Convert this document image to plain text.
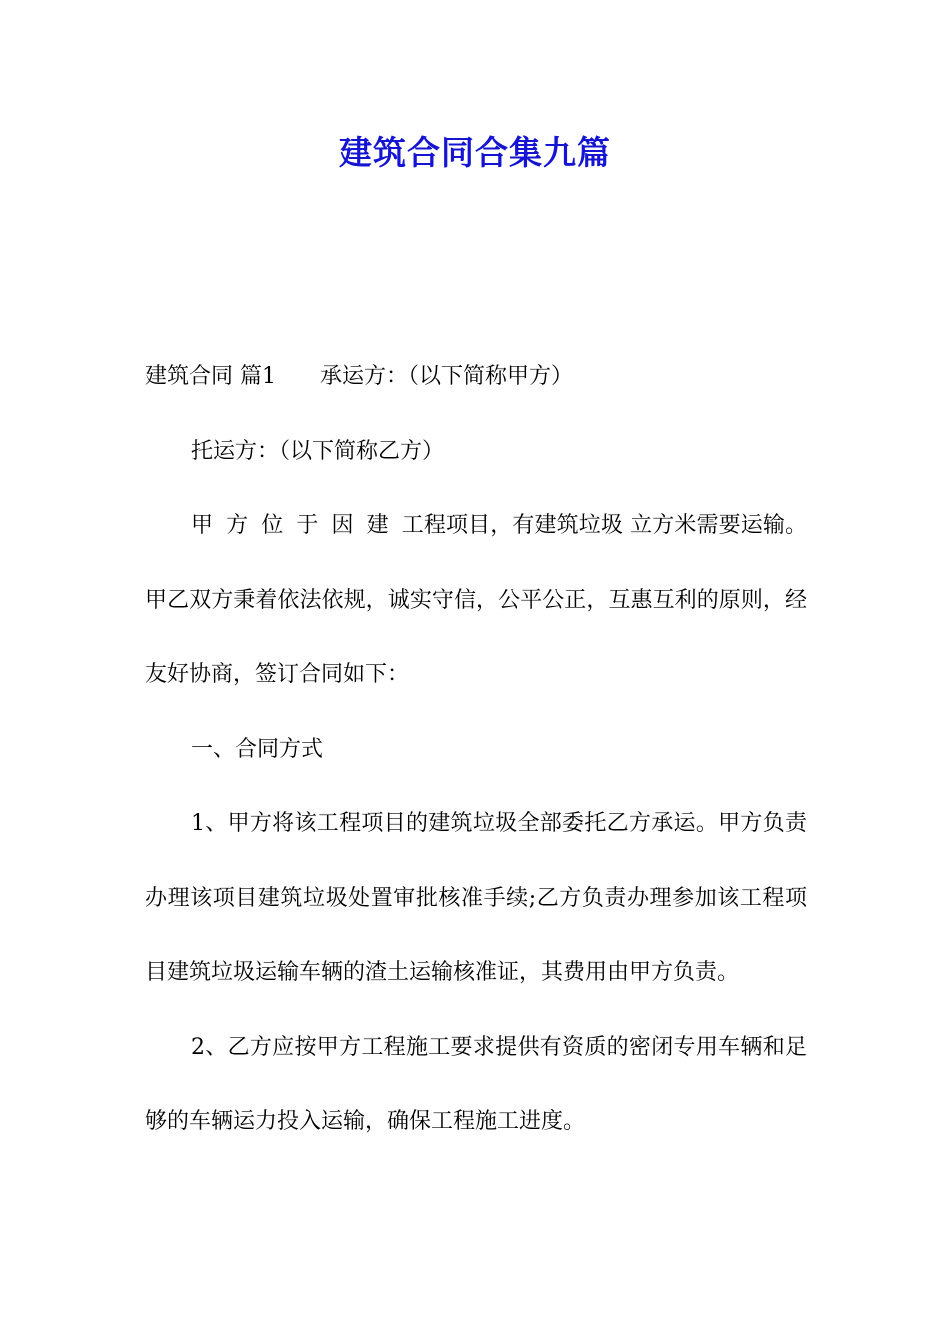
建筑合同合集九篇

建筑合同 篇1 承运方：（以下简称甲方）

托运方：（以下简称乙方）

甲方位于因建工程项目，有建筑垃圾 立方米需要运输。甲乙双方秉着依法依规，诚实守信，公平公正，互惠互利的原则，经友好协商，签订合同如下：

一、合同方式

1、甲方将该工程项目的建筑垃圾全部委托乙方承运。甲方负责办理该项目建筑垃圾处置审批核准手续;乙方负责办理参加该工程项目建筑垃圾运输车辆的渣土运输核准证，其费用由甲方负责。

2、乙方应按甲方工程施工要求提供有资质的密闭专用车辆和足够的车辆运力投入运输，确保工程施工进度。
